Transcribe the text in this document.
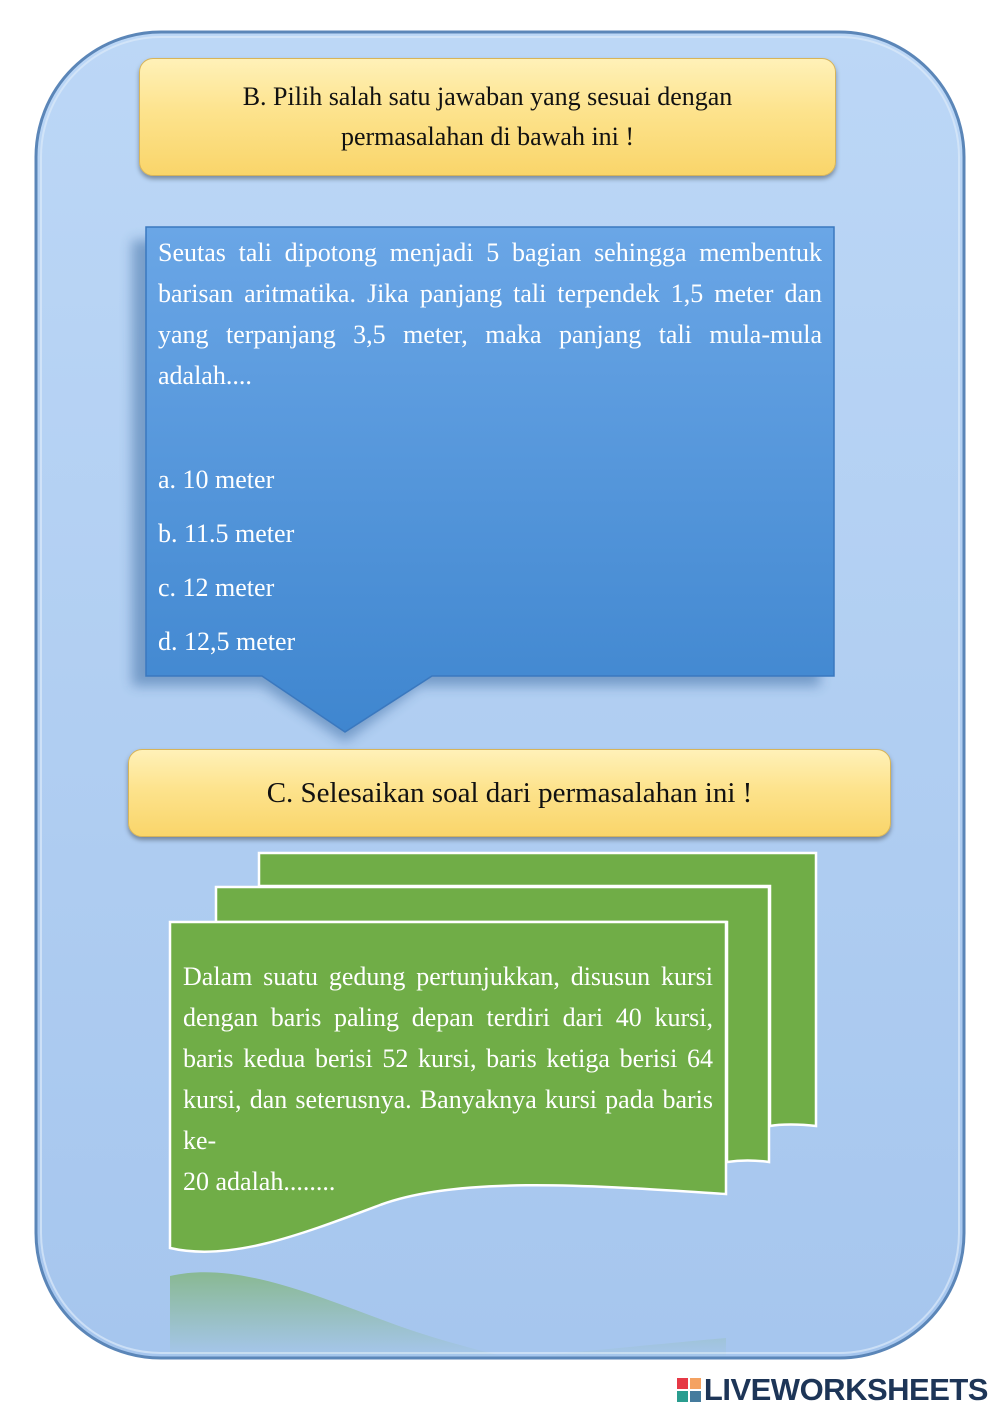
B. Pilih salah satu jawaban yang sesuai dengan
permasalahan di bawah ini !
Seutas tali dipotong menjadi 5 bagian sehingga membentuk barisan aritmatika. Jika panjang tali terpendek 1,5 meter dan yang terpanjang 3,5 meter, maka panjang tali mula-mula adalah....
a. 10 meter
b. 11.5 meter
c. 12 meter
d. 12,5 meter
C. Selesaikan soal dari permasalahan ini !
Dalam suatu gedung pertunjukkan, disusun kursi dengan baris paling depan terdiri dari 40 kursi, baris kedua berisi 52 kursi, baris ketiga berisi 64 kursi, dan seterusnya. Banyaknya kursi pada baris ke-
20 adalah........
LIVEWORKSHEETS
